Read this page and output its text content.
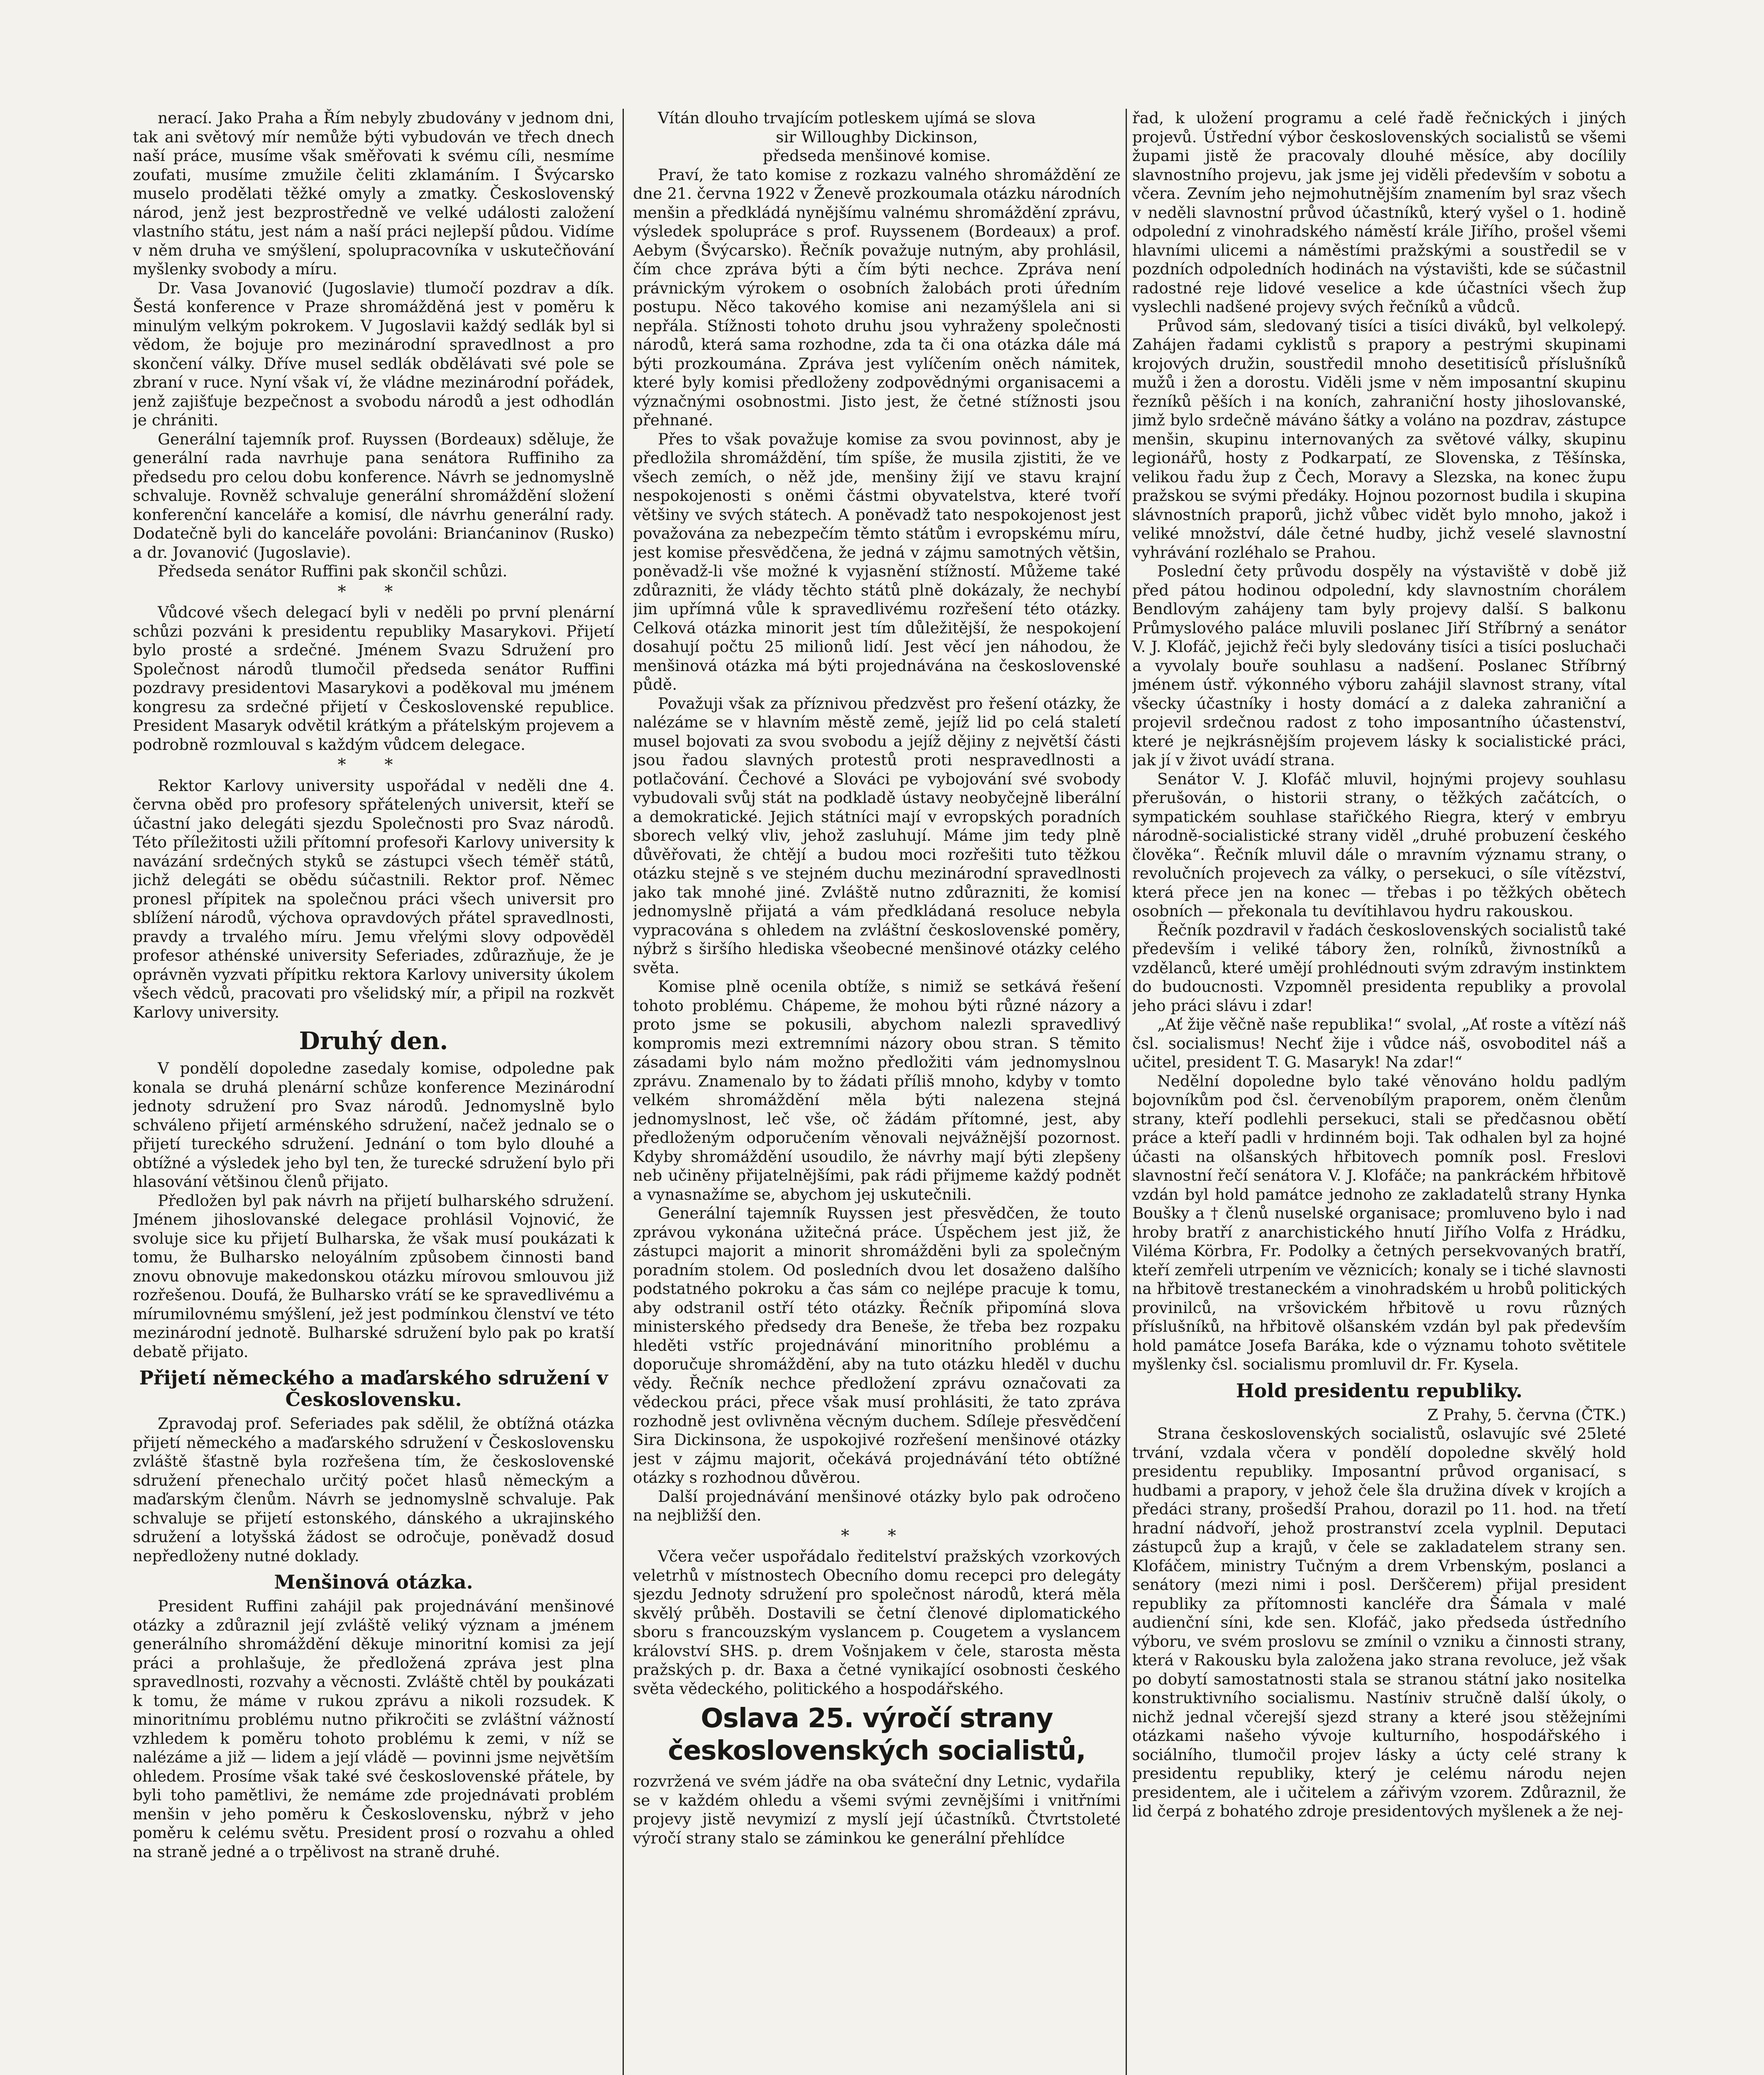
nerací. Jako Praha a Řím nebyly zbudovány v jednom dni, tak ani světový mír nemůže býti vybudován ve třech dnech naší práce, musíme však směřovati k svému cíli, nesmíme zoufati, musíme zmužile čeliti zklamáním. I Švýcarsko muselo prodělati těžké omyly a zmatky. Československý národ, jenž jest bezprostředně ve velké události založení vlastního státu, jest nám a naší práci nejlepší půdou. Vidíme v něm druha ve smýšlení, spolupracovníka v uskutečňování myšlenky svobody a míru.

Dr. Vasa Jovanović (Jugoslavie) tlumočí pozdrav a dík. Šestá konference v Praze shromážděná jest v poměru k minulým velkým pokrokem. V Jugoslavii každý sedlák byl si vědom, že bojuje pro mezinárodní spravedlnost a pro skončení války. Dříve musel sedlák obdělávati své pole se zbraní v ruce. Nyní však ví, že vládne mezinárodní pořádek, jenž zajišťuje bezpečnost a svobodu národů a jest odhodlán je chrániti.

Generální tajemník prof. Ruyssen (Bordeaux) sděluje, že generální rada navrhuje pana senátora Ruffiniho za předsedu pro celou dobu konference. Návrh se jednomyslně schvaluje. Rovněž schvaluje generální shromáždění složení konferenční kanceláře a komisí, dle návrhu generální rady. Dodatečně byli do kanceláře povoláni: Brianćaninov (Rusko) a dr. Jovanović (Jugoslavie).

Předseda senátor Ruffini pak skončil schůzi.

* *

Vůdcové všech delegací byli v neděli po první plenární schůzi pozváni k presidentu republiky Masarykovi. Přijetí bylo prosté a srdečné. Jménem Svazu Sdružení pro Společnost národů tlumočil předseda senátor Ruffini pozdravy presidentovi Masarykovi a poděkoval mu jménem kongresu za srdečné přijetí v Československé republice. President Masaryk odvětil krátkým a přátelským projevem a podrobně rozmlouval s každým vůdcem delegace.

* *

Rektor Karlovy university uspořádal v neděli dne 4. června oběd pro profesory spřátelených universit, kteří se účastní jako delegáti sjezdu Společnosti pro Svaz národů. Této příležitosti užili přítomní profesoři Karlovy university k navázání srdečných styků se zástupci všech téměř států, jichž delegáti se obědu súčastnili. Rektor prof. Němec pronesl přípitek na společnou práci všech universit pro sblížení národů, výchova opravdových přátel spravedlnosti, pravdy a trvalého míru. Jemu vřelými slovy odpověděl profesor athénské university Seferiades, zdůrazňuje, že je oprávněn vyzvati přípitku rektora Karlovy university úkolem všech vědců, pracovati pro všelidský mír, a připil na rozkvět Karlovy university.

Druhý den.

V pondělí dopoledne zasedaly komise, odpoledne pak konala se druhá plenární schůze konference Mezinárodní jednoty sdružení pro Svaz národů. Jednomyslně bylo schváleno přijetí arménského sdružení, načež jednalo se o přijetí tureckého sdružení. Jednání o tom bylo dlouhé a obtížné a výsledek jeho byl ten, že turecké sdružení bylo při hlasování většinou členů přijato.

Předložen byl pak návrh na přijetí bulharského sdružení. Jménem jihoslovanské delegace prohlásil Vojnović, že svoluje sice ku přijetí Bulharska, že však musí poukázati k tomu, že Bulharsko neloyálním způsobem činnosti band znovu obnovuje makedonskou otázku mírovou smlouvou již rozřešenou. Doufá, že Bulharsko vrátí se ke spravedlivému a mírumilovnému smýšlení, jež jest podmínkou členství ve této mezinárodní jednotě. Bulharské sdružení bylo pak po kratší debatě přijato.

Přijetí německého a maďarského sdružení v Československu.

Zpravodaj prof. Seferiades pak sdělil, že obtížná otázka přijetí německého a maďarského sdružení v Československu zvláště šťastně byla rozřešena tím, že československé sdružení přenechalo určitý počet hlasů německým a maďarským členům. Návrh se jednomyslně schvaluje. Pak schvaluje se přijetí estonského, dánského a ukrajinského sdružení a lotyšská žádost se odročuje, poněvadž dosud nepředloženy nutné doklady.

Menšinová otázka.

President Ruffini zahájil pak projednávání menšinové otázky a zdůraznil její zvláště veliký význam a jménem generálního shromáždění děkuje minoritní komisi za její práci a prohlašuje, že předložená zpráva jest plna spravedlnosti, rozvahy a věcnosti. Zvláště chtěl by poukázati k tomu, že máme v rukou zprávu a nikoli rozsudek. K minoritnímu problému nutno přikročiti se zvláštní vážností vzhledem k poměru tohoto problému k zemi, v níž se nalézáme a již — lidem a její vládě — povinni jsme největším ohledem. Prosíme však také své československé přátele, by byli toho pamětlivi, že nemáme zde projednávati problém menšin v jeho poměru k Československu, nýbrž v jeho poměru k celému světu. President prosí o rozvahu a ohled na straně jedné a o trpělivost na straně druhé.

Vítán dlouho trvajícím potleskem ujímá se slova

sir Willoughby Dickinson,

předseda menšinové komise.

Praví, že tato komise z rozkazu valného shromáždění ze dne 21. června 1922 v Ženevě prozkoumala otázku národních menšin a předkládá nynějšímu valnému shromáždění zprávu, výsledek spolupráce s prof. Ruyssenem (Bordeaux) a prof. Aebym (Švýcarsko). Řečník považuje nutným, aby prohlásil, čím chce zpráva býti a čím býti nechce. Zpráva není právnickým výrokem o osobních žalobách proti úředním postupu. Něco takového komise ani nezamýšlela ani si nepřála. Stížnosti tohoto druhu jsou vyhraženy společnosti národů, která sama rozhodne, zda ta či ona otázka dále má býti prozkoumána. Zpráva jest vylíčením oněch námitek, které byly komisi předloženy zodpovědnými organisacemi a význačnými osobnostmi. Jisto jest, že četné stížnosti jsou přehnané.

Přes to však považuje komise za svou povinnost, aby je předložila shromáždění, tím spíše, že musila zjistiti, že ve všech zemích, o něž jde, menšiny žijí ve stavu krajní nespokojenosti s oněmi částmi obyvatelstva, které tvoří většiny ve svých státech. A poněvadž tato nespokojenost jest považována za nebezpečím těmto státům i evropskému míru, jest komise přesvědčena, že jedná v zájmu samotných většin, poněvadž-li vše možné k vyjasnění stížností. Můžeme také zdůrazniti, že vlády těchto států plně dokázaly, že nechybí jim upřímná vůle k spravedlivému rozřešení této otázky. Celková otázka minorit jest tím důležitější, že nespokojení dosahují počtu 25 milionů lidí. Jest věcí jen náhodou, že menšinová otázka má býti projednávána na československé půdě.

Považuji však za příznivou předzvěst pro řešení otázky, že nalézáme se v hlavním městě země, jejíž lid po celá staletí musel bojovati za svou svobodu a jejíž dějiny z největší části jsou řadou slavných protestů proti nespravedlnosti a potlačování. Čechové a Slováci pe vybojování své svobody vybudovali svůj stát na podkladě ústavy neobyčejně liberální a demokratické. Jejich státníci mají v evropských poradních sborech velký vliv, jehož zasluhují. Máme jim tedy plně důvěřovati, že chtějí a budou moci rozřešiti tuto těžkou otázku stejně s ve stejném duchu mezinárodní spravedlnosti jako tak mnohé jiné. Zvláště nutno zdůrazniti, že komisí jednomyslně přijatá a vám předkládaná resoluce nebyla vypracována s ohledem na zvláštní československé poměry, nýbrž s širšího hlediska všeobecné menšinové otázky celého světa.

Komise plně ocenila obtíže, s nimiž se setkává řešení tohoto problému. Chápeme, že mohou býti různé názory a proto jsme se pokusili, abychom nalezli spravedlivý kompromis mezi extremními názory obou stran. S těmito zásadami bylo nám možno předložiti vám jednomyslnou zprávu. Znamenalo by to žádati příliš mnoho, kdyby v tomto velkém shromáždění měla býti nalezena stejná jednomyslnost, leč vše, oč žádám přítomné, jest, aby předloženým odporučením věnovali nejvážnější pozornost. Kdyby shromáždění usoudilo, že návrhy mají býti zlepšeny neb učiněny přijatelnějšími, pak rádi přijmeme každý podnět a vynasnažíme se, abychom jej uskutečnili.

Generální tajemník Ruyssen jest přesvědčen, že touto zprávou vykonána užitečná práce. Úspěchem jest již, že zástupci majorit a minorit shromážděni byli za společným poradním stolem. Od posledních dvou let dosaženo dalšího podstatného pokroku a čas sám co nejlépe pracuje k tomu, aby odstranil ostří této otázky. Řečník připomíná slova ministerského předsedy dra Beneše, že třeba bez rozpaku hleděti vstříc projednávání minoritního problému a doporučuje shromáždění, aby na tuto otázku hleděl v duchu vědy. Řečník nechce předložení zprávu označovati za vědeckou práci, přece však musí prohlásiti, že tato zpráva rozhodně jest ovlivněna věcným duchem. Sdíleje přesvědčení Sira Dickinsona, že uspokojivé rozřešení menšinové otázky jest v zájmu majorit, očekává projednávání této obtížné otázky s rozhodnou důvěrou.

Další projednávání menšinové otázky bylo pak odročeno na nejbližší den.

* *

Včera večer uspořádalo ředitelství pražských vzorkových veletrhů v místnostech Obecního domu recepci pro delegáty sjezdu Jednoty sdružení pro společnost národů, která měla skvělý průběh. Dostavili se četní členové diplomatického sboru s francouzským vyslancem p. Cougetem a vyslancem království SHS. p. drem Vošnjakem v čele, starosta města pražských p. dr. Baxa a četné vynikající osobnosti českého světa vědeckého, politického a hospodářského.

Oslava 25. výročí strany československých socialistů,

rozvržená ve svém jádře na oba sváteční dny Letnic, vydařila se v každém ohledu a všemi svými zevnějšími i vnitřními projevy jistě nevymizí z myslí její účastníků. Čtvrtstoleté výročí strany stalo se záminkou ke generální přehlídce

řad, k uložení programu a celé řadě řečnických i jiných projevů. Ústřední výbor československých socialistů se všemi župami jistě že pracovaly dlouhé měsíce, aby docílily slavnostního projevu, jak jsme jej viděli především v sobotu a včera. Zevním jeho nejmohutnějším znamením byl sraz všech v neděli slavnostní průvod účastníků, který vyšel o 1. hodině odpolední z vinohradského náměstí krále Jiřího, prošel všemi hlavními ulicemi a náměstími pražskými a soustředil se v pozdních odpoledních hodinách na výstavišti, kde se súčastnil radostné reje lidové veselice a kde účastníci všech žup vyslechli nadšené projevy svých řečníků a vůdců.

Průvod sám, sledovaný tisíci a tisíci diváků, byl velkolepý. Zahájen řadami cyklistů s prapory a pestrými skupinami krojových družin, soustředil mnoho desetitisíců příslušníků mužů i žen a dorostu. Viděli jsme v něm imposantní skupinu řezníků pěších i na koních, zahraniční hosty jihoslovanské, jimž bylo srdečně máváno šátky a voláno na pozdrav, zástupce menšin, skupinu internovaných za světové války, skupinu legionářů, hosty z Podkarpatí, ze Slovenska, z Těšínska, velikou řadu žup z Čech, Moravy a Slezska, na konec župu pražskou se svými předáky. Hojnou pozornost budila i skupina slávnostních praporů, jichž vůbec vidět bylo mnoho, jakož i veliké množství, dále četné hudby, jichž veselé slavnostní vyhrávání rozléhalo se Prahou.

Poslední čety průvodu dospěly na výstaviště v době již před pátou hodinou odpolední, kdy slavnostním chorálem Bendlovým zahájeny tam byly projevy další. S balkonu Průmyslového paláce mluvili poslanec Jiří Stříbrný a senátor V. J. Klofáč, jejichž řeči byly sledovány tisíci a tisíci posluchači a vyvolaly bouře souhlasu a nadšení. Poslanec Stříbrný jménem ústř. výkonného výboru zahájil slavnost strany, vítal všecky účastníky i hosty domácí a z daleka zahraniční a projevil srdečnou radost z toho imposantního účastenství, které je nejkrásnějším projevem lásky k socialistické práci, jak jí v život uvádí strana.

Senátor V. J. Klofáč mluvil, hojnými projevy souhlasu přerušován, o historii strany, o těžkých začátcích, o sympatickém souhlase stařičkého Riegra, který v embryu národně-socialistické strany viděl „druhé probuzení českého člověka“. Řečník mluvil dále o mravním významu strany, o revolučních projevech za války, o persekuci, o síle vítězství, která přece jen na konec — třebas i po těžkých obětech osobních — překonala tu devítihlavou hydru rakouskou.

Řečník pozdravil v řadách československých socialistů také především i veliké tábory žen, rolníků, živnostníků a vzdělanců, které umějí prohlédnouti svým zdravým instinktem do budoucnosti. Vzpomněl presidenta republiky a provolal jeho práci slávu i zdar!

„Ať žije věčně naše republika!“ svolal, „Ať roste a vítězí náš čsl. socialismus! Nechť žije i vůdce náš, osvoboditel náš a učitel, president T. G. Masaryk! Na zdar!“

Nedělní dopoledne bylo také věnováno holdu padlým bojovníkům pod čsl. červenobílým praporem, oněm členům strany, kteří podlehli persekuci, stali se předčasnou obětí práce a kteří padli v hrdinném boji. Tak odhalen byl za hojné účasti na olšanských hřbitovech pomník posl. Freslovi slavnostní řečí senátora V. J. Klofáče; na pankráckém hřbitově vzdán byl hold památce jednoho ze zakladatelů strany Hynka Boušky a † členů nuselské organisace; promluveno bylo i nad hroby bratří z anarchistického hnutí Jiřího Volfa z Hrádku, Viléma Körbra, Fr. Podolky a četných persekvovaných bratří, kteří zemřeli utrpením ve věznicích; konaly se i tiché slavnosti na hřbitově trestaneckém a vinohradském u hrobů politických provinilců, na vršovickém hřbitově u rovu různých příslušníků, na hřbitově olšanském vzdán byl pak především hold památce Josefa Baráka, kde o významu tohoto světitele myšlenky čsl. socialismu promluvil dr. Fr. Kysela.

Hold presidentu republiky.

Z Prahy, 5. června (ČTK.)

Strana československých socialistů, oslavujíc své 25leté trvání, vzdala včera v pondělí dopoledne skvělý hold presidentu republiky. Imposantní průvod organisací, s hudbami a prapory, v jehož čele šla družina dívek v krojích a předáci strany, prošedší Prahou, dorazil po 11. hod. na třetí hradní nádvoří, jehož prostranství zcela vyplnil. Deputaci zástupců žup a krajů, v čele se zakladatelem strany sen. Klofáčem, ministry Tučným a drem Vrbenským, poslanci a senátory (mezi nimi i posl. Derščerem) přijal president republiky za přítomnosti kancléře dra Šámala v malé audienční síni, kde sen. Klofáč, jako předseda ústředního výboru, ve svém proslovu se zmínil o vzniku a činnosti strany, která v Rakousku byla založena jako strana revoluce, jež však po dobytí samostatnosti stala se stranou státní jako nositelka konstruktivního socialismu. Nastíniv stručně další úkoly, o nichž jednal včerejší sjezd strany a které jsou stěžejními otázkami našeho vývoje kulturního, hospodářského i sociálního, tlumočil projev lásky a úcty celé strany k presidentu republiky, který je celému národu nejen presidentem, ale i učitelem a zářivým vzorem. Zdůraznil, že lid čerpá z bohatého zdroje presidentových myšlenek a že nej-
